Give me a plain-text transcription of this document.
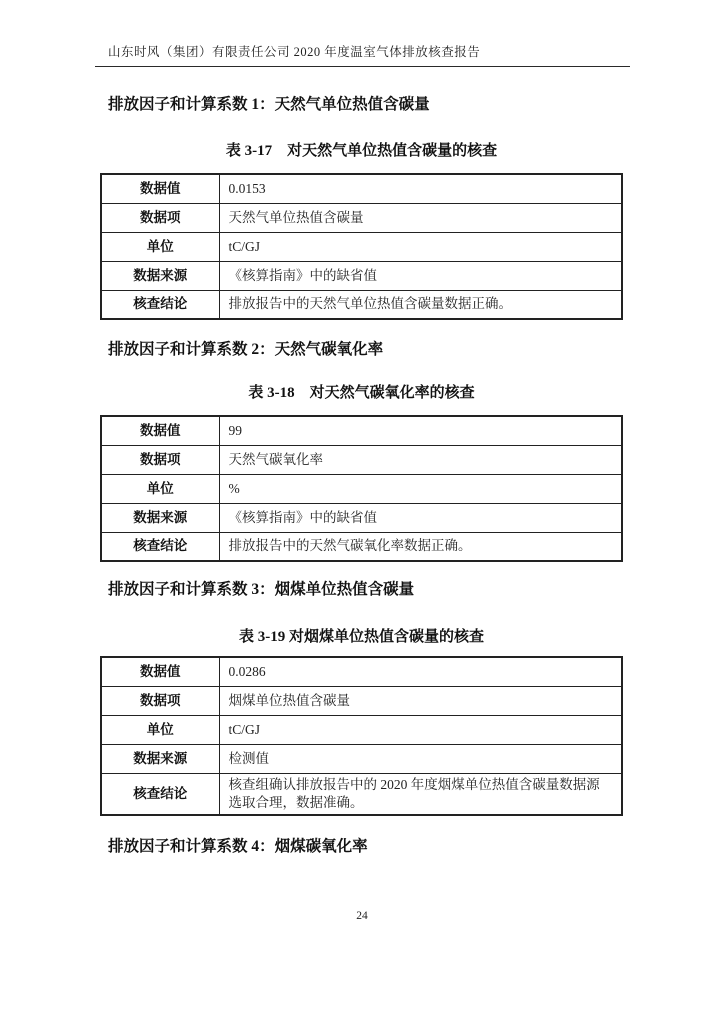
山东时风（集团）有限责任公司 2020 年度温室气体排放核查报告
排放因子和计算系数 1：天然气单位热值含碳量
表 3-17　对天然气单位热值含碳量的核查
数据值	0.0153
数据项	天然气单位热值含碳量
单位	tC/GJ
数据来源	《核算指南》中的缺省值
核查结论	排放报告中的天然气单位热值含碳量数据正确。
排放因子和计算系数 2：天然气碳氧化率
表 3-18　对天然气碳氧化率的核查
数据值	99
数据项	天然气碳氧化率
单位	%
数据来源	《核算指南》中的缺省值
核查结论	排放报告中的天然气碳氧化率数据正确。
排放因子和计算系数 3：烟煤单位热值含碳量
表 3-19 对烟煤单位热值含碳量的核查
数据值	0.0286
数据项	烟煤单位热值含碳量
单位	tC/GJ
数据来源	检测值
核查结论	核查组确认排放报告中的 2020 年度烟煤单位热值含碳量数据源选取合理，数据准确。
排放因子和计算系数 4：烟煤碳氧化率
24
